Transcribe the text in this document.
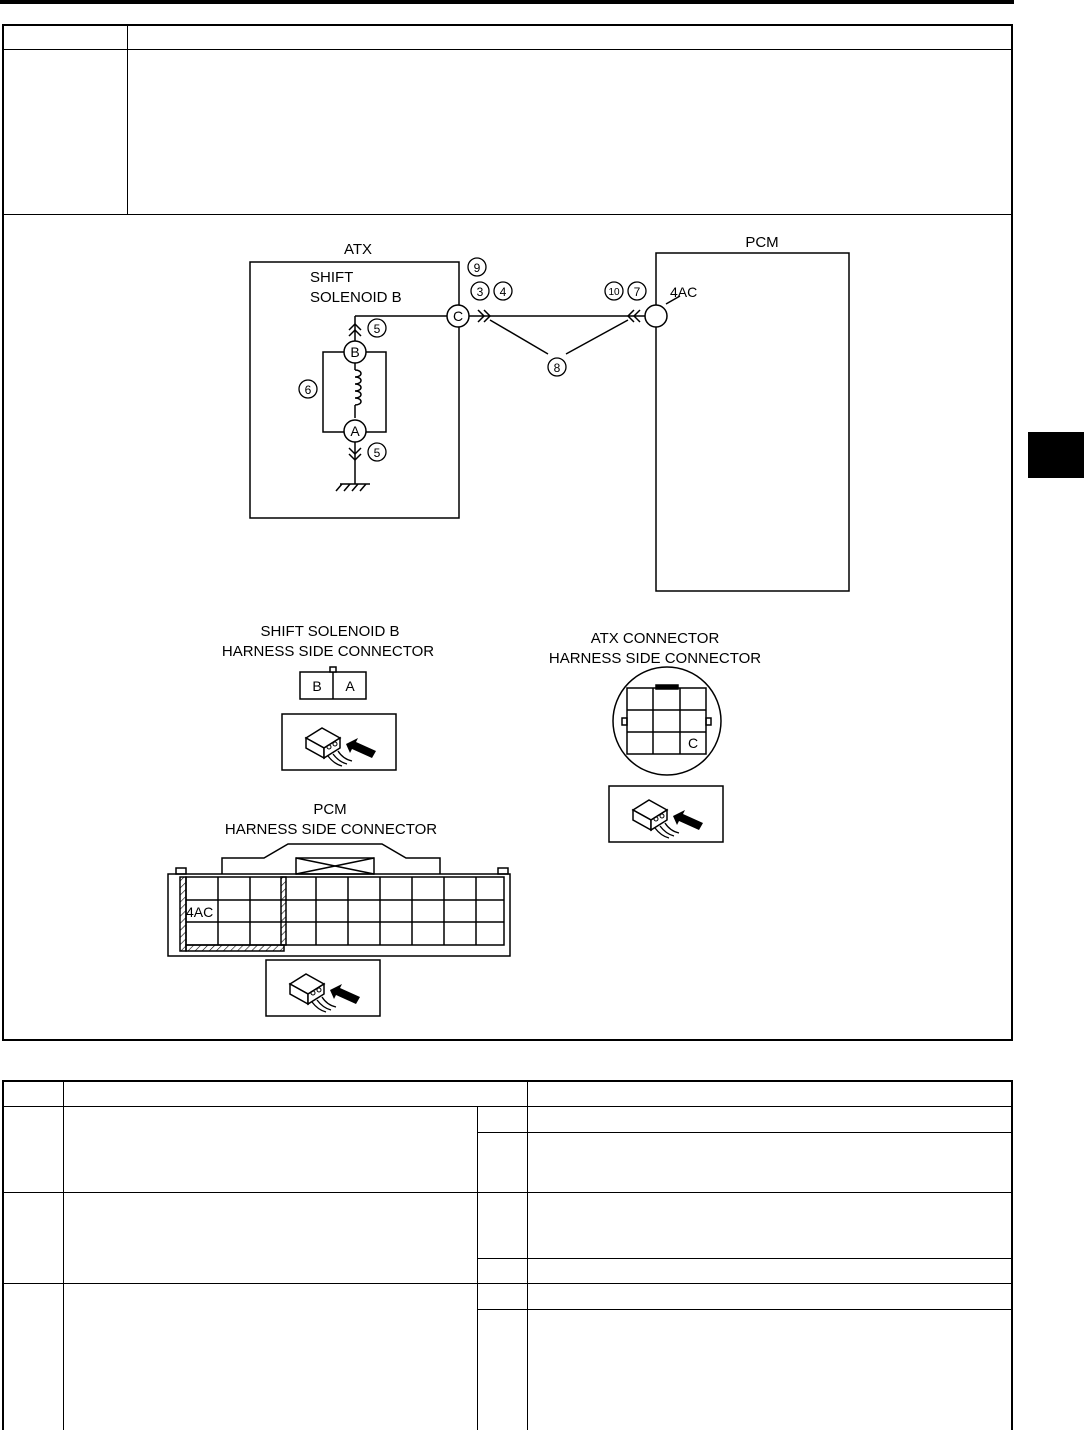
ATX
SHIFT
SOLENOID B
PCM
B
A
C
4AC
9
3 4	10 7
5
5
6
8
SHIFT SOLENOID B
HARNESS SIDE CONNECTOR
B A
ATX CONNECTOR
HARNESS SIDE CONNECTOR
C
PCM
HARNESS SIDE CONNECTOR
4AC
